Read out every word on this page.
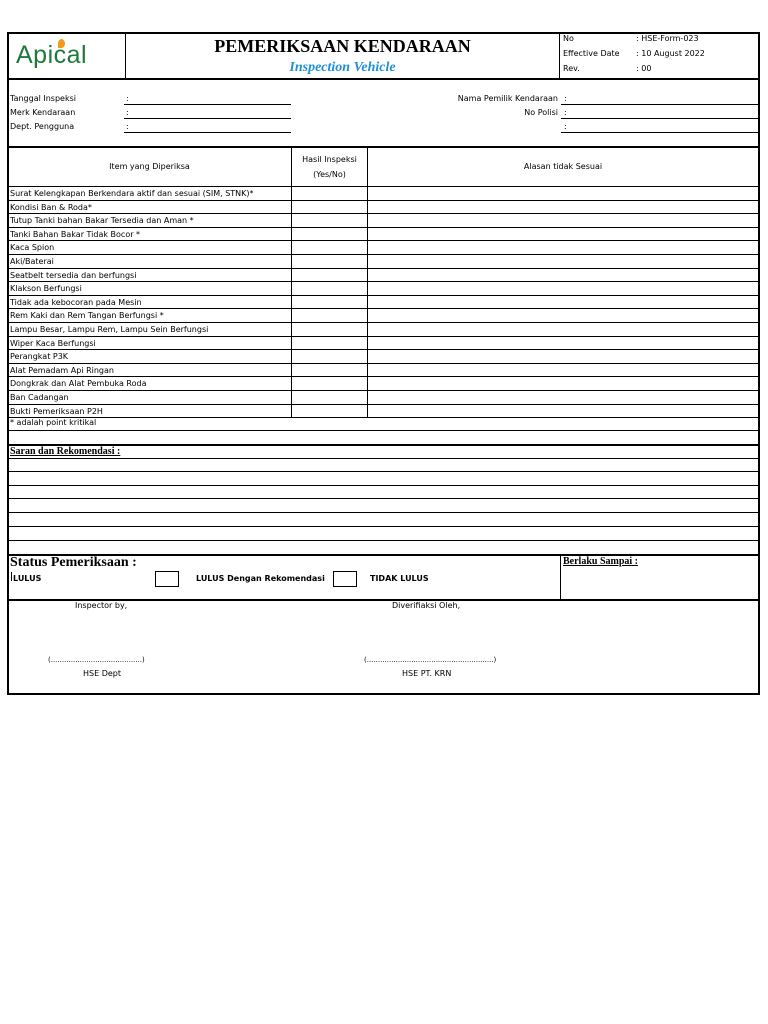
Apical	PEMERIKSAAN KENDARAAN
Inspection Vehicle
No	: HSE-Form-023
Effective Date : 10 August 2022
Rev.	: 00
Tanggal Inspeksi	:
Merk Kendaraan	:
Dept. Pengguna	:
Nama Pemilik Kendaraan :
No Polisi :
:
Item yang Diperiksa
Hasil Inspeksi
(Yes/No)
Alasan tidak Sesuai
Surat Kelengkapan Berkendara aktif dan sesuai (SIM, STNK)*
Kondisi Ban & Roda*
Tutup Tanki bahan Bakar Tersedia dan Aman *
Tanki Bahan Bakar Tidak Bocor *
Kaca Spion
Aki/Baterai
Seatbelt tersedia dan berfungsi
Klakson Berfungsi
Tidak ada kebocoran pada Mesin
Rem Kaki dan Rem Tangan Berfungsi *
Lampu Besar, Lampu Rem, Lampu Sein Berfungsi
Wiper Kaca Berfungsi
Perangkat P3K
Alat Pemadam Api Ringan
Dongkrak dan Alat Pembuka Roda
Ban Cadangan
Bukti Pemeriksaan P2H
* adalah point kritikal
Saran dan Rekomendasi :
Status Pemeriksaan :
LULUS	LULUS Dengan Rekomendasi	TIDAK LULUS
Berlaku Sampai :
Inspector by,
(.........................................)
HSE Dept
Diverifiaksi Oleh,
(.........................................................)
HSE PT. KRN
